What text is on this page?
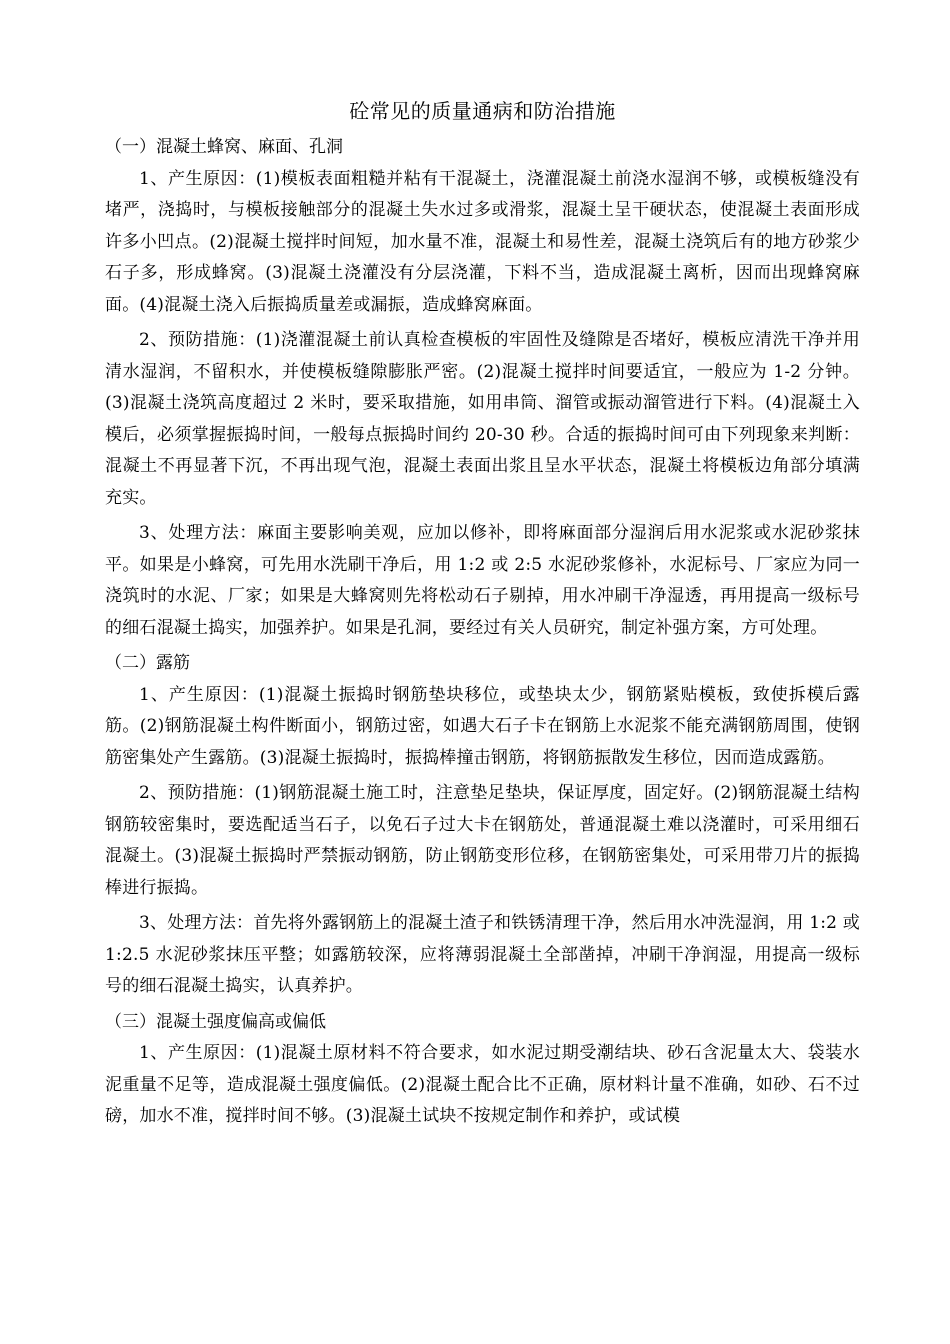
砼常见的质量通病和防治措施

（一）混凝土蜂窝、麻面、孔洞

1、产生原因：(1)模板表面粗糙并粘有干混凝土，浇灌混凝土前浇水湿润不够，或模板缝没有堵严，浇捣时，与模板接触部分的混凝土失水过多或滑浆，混凝土呈干硬状态，使混凝土表面形成许多小凹点。(2)混凝土搅拌时间短，加水量不准，混凝土和易性差，混凝土浇筑后有的地方砂浆少石子多，形成蜂窝。(3)混凝土浇灌没有分层浇灌，下料不当，造成混凝土离析，因而出现蜂窝麻面。(4)混凝土浇入后振捣质量差或漏振，造成蜂窝麻面。

2、预防措施：(1)浇灌混凝土前认真检查模板的牢固性及缝隙是否堵好，模板应清洗干净并用清水湿润，不留积水，并使模板缝隙膨胀严密。(2)混凝土搅拌时间要适宜，一般应为 1-2 分钟。(3)混凝土浇筑高度超过 2 米时，要采取措施，如用串筒、溜管或振动溜管进行下料。(4)混凝土入模后，必须掌握振捣时间，一般每点振捣时间约 20-30 秒。合适的振捣时间可由下列现象来判断：混凝土不再显著下沉，不再出现气泡，混凝土表面出浆且呈水平状态，混凝土将模板边角部分填满充实。

3、处理方法：麻面主要影响美观，应加以修补，即将麻面部分湿润后用水泥浆或水泥砂浆抹平。如果是小蜂窝，可先用水洗刷干净后，用 1:2 或 2:5 水泥砂浆修补，水泥标号、厂家应为同一浇筑时的水泥、厂家；如果是大蜂窝则先将松动石子剔掉，用水冲刷干净湿透，再用提高一级标号的细石混凝土捣实，加强养护。如果是孔洞，要经过有关人员研究，制定补强方案，方可处理。

（二）露筋

1、产生原因：(1)混凝土振捣时钢筋垫块移位，或垫块太少，钢筋紧贴模板，致使拆模后露筋。(2)钢筋混凝土构件断面小，钢筋过密，如遇大石子卡在钢筋上水泥浆不能充满钢筋周围，使钢筋密集处产生露筋。(3)混凝土振捣时，振捣棒撞击钢筋，将钢筋振散发生移位，因而造成露筋。

2、预防措施：(1)钢筋混凝土施工时，注意垫足垫块，保证厚度，固定好。(2)钢筋混凝土结构钢筋较密集时，要选配适当石子，以免石子过大卡在钢筋处，普通混凝土难以浇灌时，可采用细石混凝土。(3)混凝土振捣时严禁振动钢筋，防止钢筋变形位移，在钢筋密集处，可采用带刀片的振捣棒进行振捣。

3、处理方法：首先将外露钢筋上的混凝土渣子和铁锈清理干净，然后用水冲洗湿润，用 1:2 或 1:2.5 水泥砂浆抹压平整；如露筋较深，应将薄弱混凝土全部凿掉，冲刷干净润湿，用提高一级标号的细石混凝土捣实，认真养护。

（三）混凝土强度偏高或偏低

1、产生原因：(1)混凝土原材料不符合要求，如水泥过期受潮结块、砂石含泥量太大、袋装水泥重量不足等，造成混凝土强度偏低。(2)混凝土配合比不正确，原材料计量不准确，如砂、石不过磅，加水不准，搅拌时间不够。(3)混凝土试块不按规定制作和养护，或试模
